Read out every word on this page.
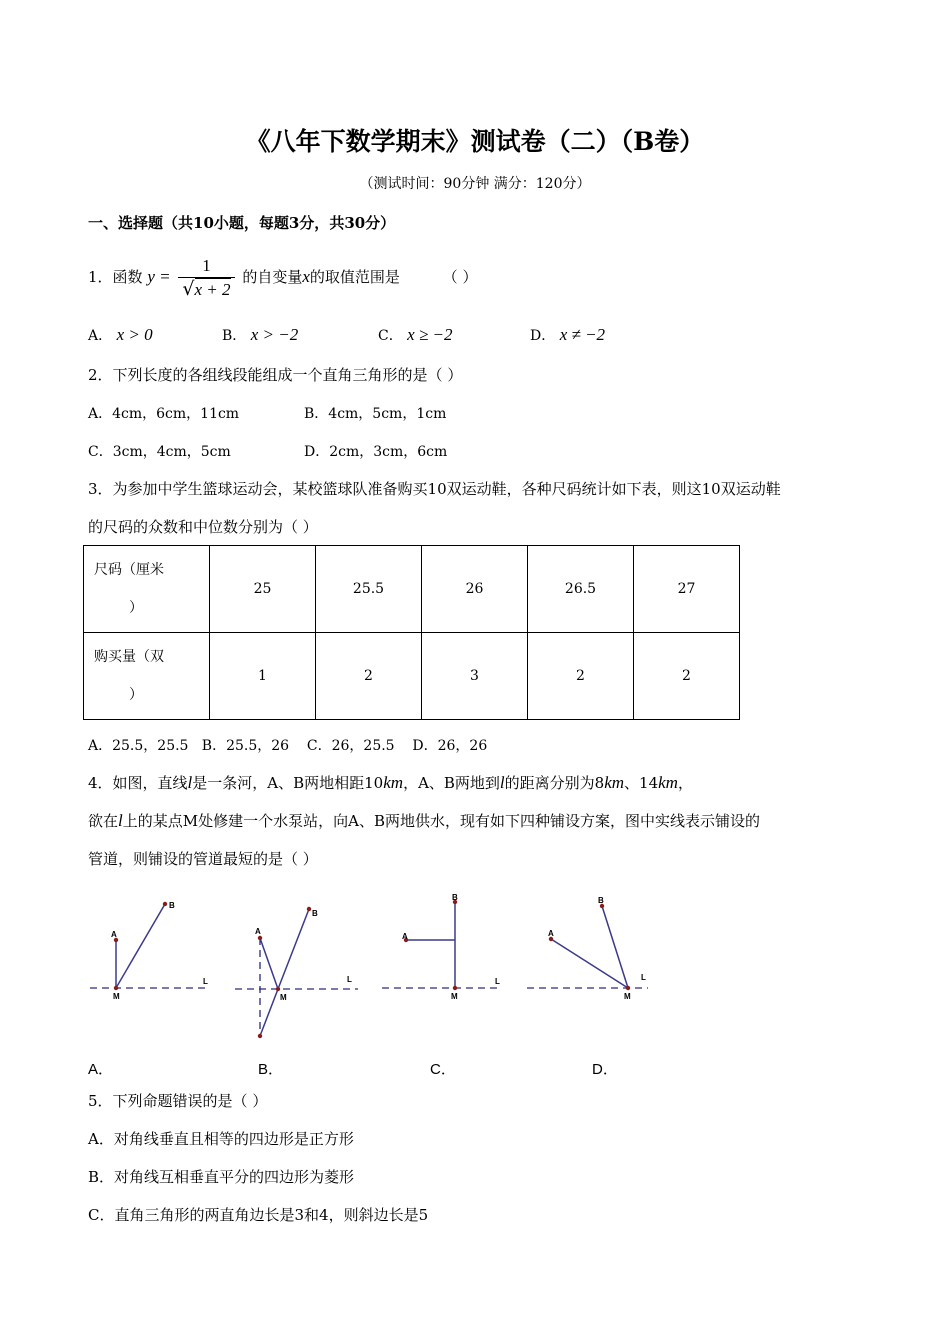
《八年下数学期末》测试卷（二）（B卷）
（测试时间：90分钟 满分：120分）
一、选择题（共10小题，每题3分，共30分）
1．函数 $y = \frac{1}{√x + 2}$ 的自变量x的取值范围是	（ ）
A． x > 0	B． x > −2	C． x ≥ −2	D． x ≠ −2
2．下列长度的各组线段能组成一个直角三角形的是（ ）
A．4cm，6cm，11cm	B．4cm，5cm，1cm
C．3cm，4cm，5cm	D．2cm，3cm，6cm
3．为参加中学生篮球运动会，某校篮球队准备购买10双运动鞋，各种尺码统计如下表，则这10双运动鞋
的尺码的众数和中位数分别为（ ）
尺码（厘米
）	25	25.5	26	26.5	27
购买量（双
）	1	2	3	2	2
A．25.5，25.5   B．25.5，26    C．26，25.5    D．26，26
4．如图，直线l是一条河，A、B两地相距10km，A、B两地到l的距离分别为8km、14km，
欲在l上的某点M处修建一个水泵站，向A、B两地供水，现有如下四种铺设方案，图中实线表示铺设的
管道，则铺设的管道最短的是（ ）
A
B
M
L
A
B
M
L
A
B
M
L
A
B
M
L
A．	B．	C．	D．
5．下列命题错误的是（ ）
A．对角线垂直且相等的四边形是正方形
B．对角线互相垂直平分的四边形为菱形
C．直角三角形的两直角边长是3和4，则斜边长是5
